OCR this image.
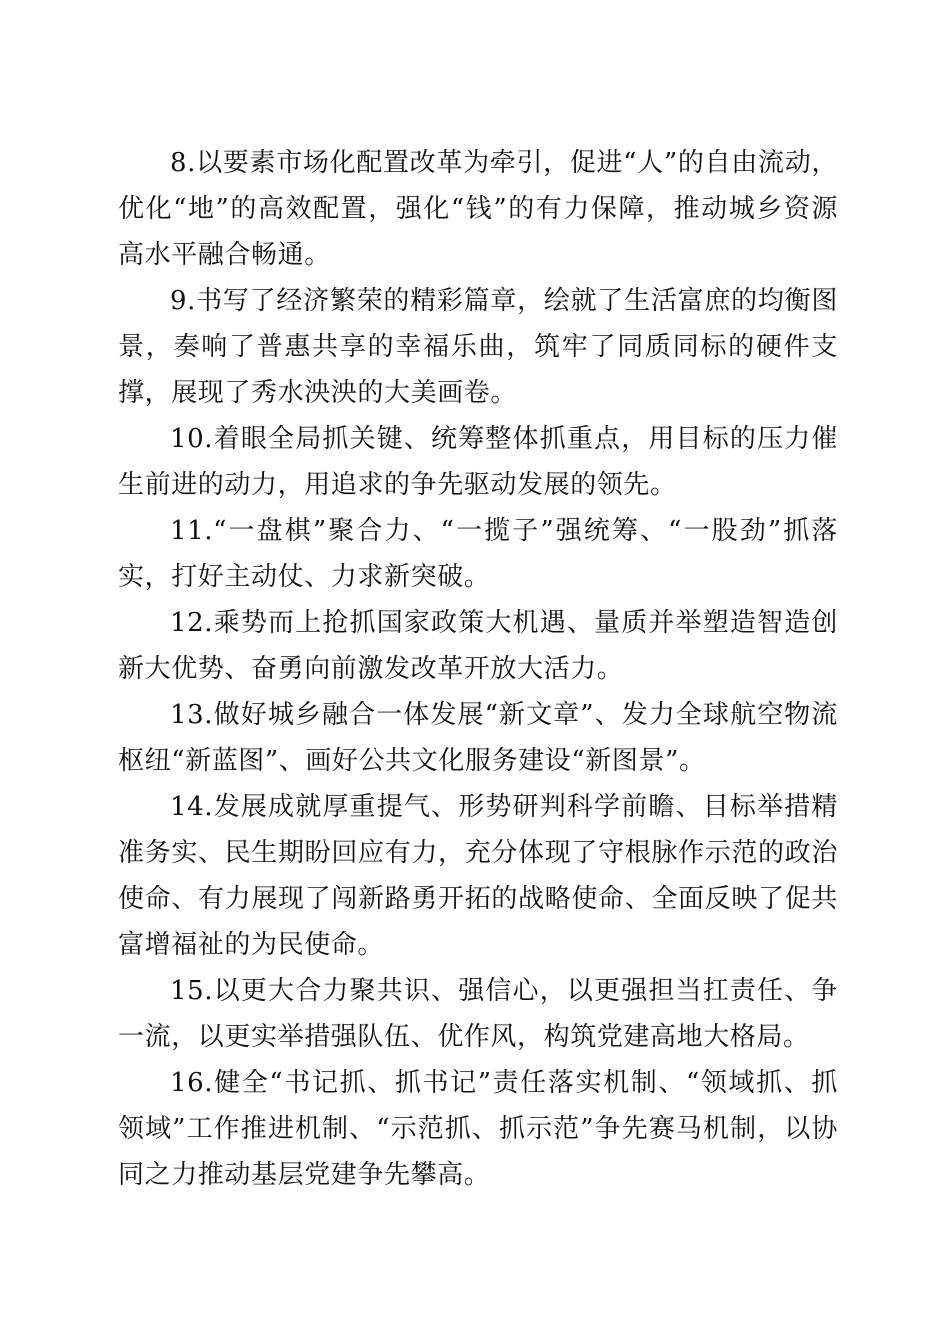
8.以要素市场化配置改革为牵引，促进“人”的自由流动，优化“地”的高效配置，强化“钱”的有力保障，推动城乡资源高水平融合畅通。

9.书写了经济繁荣的精彩篇章，绘就了生活富庶的均衡图景，奏响了普惠共享的幸福乐曲，筑牢了同质同标的硬件支撑，展现了秀水泱泱的大美画卷。

10.着眼全局抓关键、统筹整体抓重点，用目标的压力催生前进的动力，用追求的争先驱动发展的领先。

11.“一盘棋”聚合力、“一揽子”强统筹、“一股劲”抓落实，打好主动仗、力求新突破。

12.乘势而上抢抓国家政策大机遇、量质并举塑造智造创新大优势、奋勇向前激发改革开放大活力。

13.做好城乡融合一体发展“新文章”、发力全球航空物流枢纽“新蓝图”、画好公共文化服务建设“新图景”。

14.发展成就厚重提气、形势研判科学前瞻、目标举措精准务实、民生期盼回应有力，充分体现了守根脉作示范的政治使命、有力展现了闯新路勇开拓的战略使命、全面反映了促共富增福祉的为民使命。

15.以更大合力聚共识、强信心，以更强担当扛责任、争一流，以更实举措强队伍、优作风，构筑党建高地大格局。

16.健全“书记抓、抓书记”责任落实机制、“领域抓、抓领域”工作推进机制、“示范抓、抓示范”争先赛马机制，以协同之力推动基层党建争先攀高。
